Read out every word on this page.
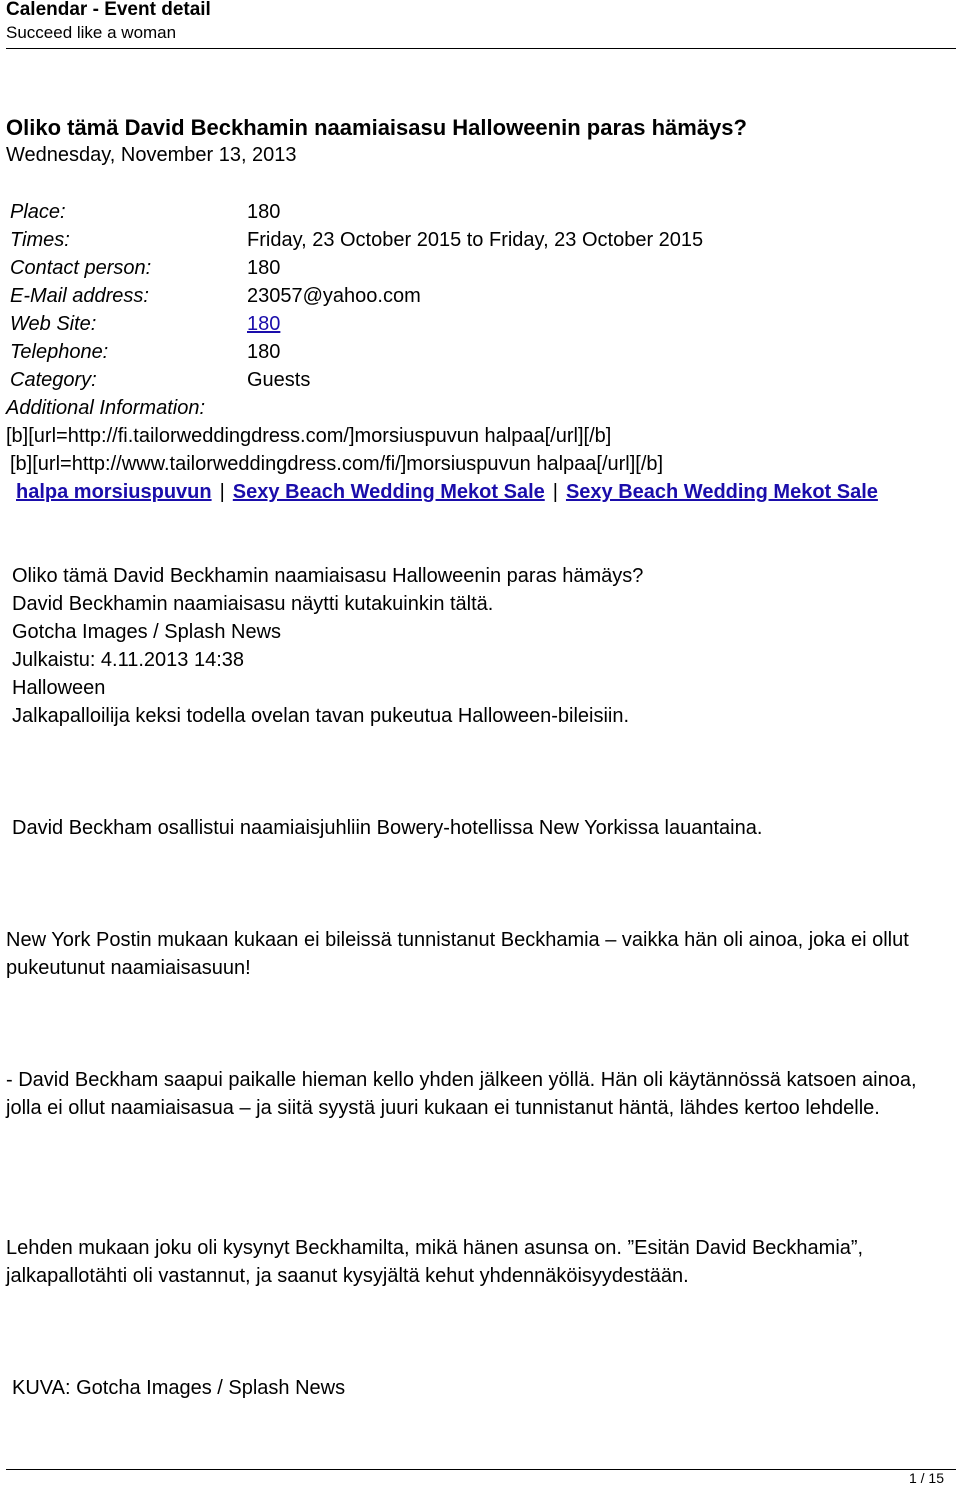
Calendar - Event detail
Succeed like a woman
Oliko tämä David Beckhamin naamiaisasu Halloweenin paras hämäys?
Wednesday, November 13, 2013
Place:	180
Times:	Friday, 23 October 2015 to Friday, 23 October 2015
Contact person:	180
E-Mail address:	23057@yahoo.com
Web Site:	180
Telephone:	180
Category:	Guests
Additional Information:
[b][url=http://fi.tailorweddingdress.com/]morsiuspuvun halpaa[/url][/b]
[b][url=http://www.tailorweddingdress.com/fi/]morsiuspuvun halpaa[/url][/b]
halpa morsiuspuvun | Sexy Beach Wedding Mekot Sale | Sexy Beach Wedding Mekot Sale
Oliko tämä David Beckhamin naamiaisasu Halloweenin paras hämäys?
David Beckhamin naamiaisasu näytti kutakuinkin tältä.
Gotcha Images / Splash News
Julkaistu: 4.11.2013 14:38
Halloween
Jalkapalloilija keksi todella ovelan tavan pukeutua Halloween-bileisiin.
David Beckham osallistui naamiaisjuhliin Bowery-hotellissa New Yorkissa lauantaina.
New York Postin mukaan kukaan ei bileissä tunnistanut Beckhamia – vaikka hän oli ainoa, joka ei ollut pukeutunut naamiaisasuun!
- David Beckham saapui paikalle hieman kello yhden jälkeen yöllä. Hän oli käytännössä katsoen ainoa, jolla ei ollut naamiaisasua – ja siitä syystä juuri kukaan ei tunnistanut häntä, lähdes kertoo lehdelle.
Lehden mukaan joku oli kysynyt Beckhamilta, mikä hänen asunsa on. ”Esitän David Beckhamia”, jalkapallotähti oli vastannut, ja saanut kysyjältä kehut yhdennäköisyydestään.
KUVA: Gotcha Images / Splash News
1 / 15
